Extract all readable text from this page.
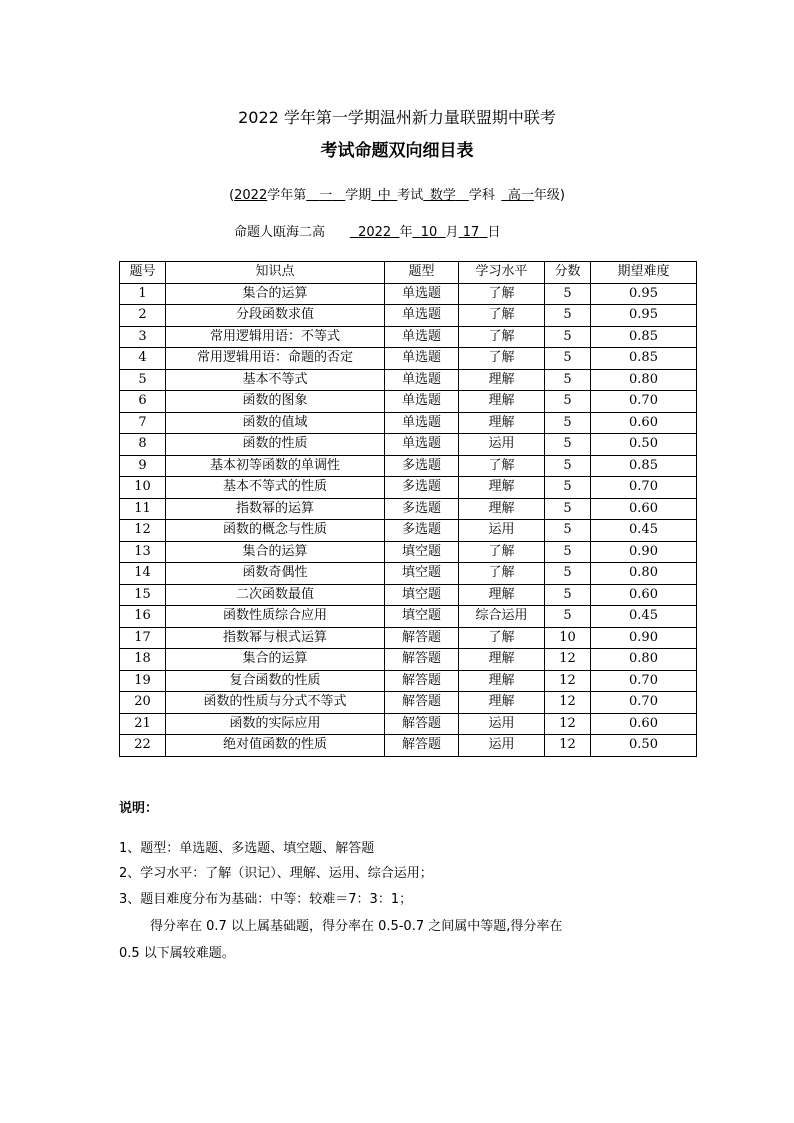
2022 学年第一学期温州新力量联盟期中联考
考试命题双向细目表
(2022学年第  一  学期  中  考试  数学  学科   高一年级)
命题人瓯海二高	2022 年 10 月 17 日
题号	知识点	题型	学习水平	分数	期望难度
1	集合的运算	单选题	了解	5	0.95
2	分段函数求值	单选题	了解	5	0.95
3	常用逻辑用语：不等式	单选题	了解	5	0.85
4	常用逻辑用语：命题的否定	单选题	了解	5	0.85
5	基本不等式	单选题	理解	5	0.80
6	函数的图象	单选题	理解	5	0.70
7	函数的值域	单选题	理解	5	0.60
8	函数的性质	单选题	运用	5	0.50
9	基本初等函数的单调性	多选题	了解	5	0.85
10	基本不等式的性质	多选题	理解	5	0.70
11	指数幂的运算	多选题	理解	5	0.60
12	函数的概念与性质	多选题	运用	5	0.45
13	集合的运算	填空题	了解	5	0.90
14	函数奇偶性	填空题	了解	5	0.80
15	二次函数最值	填空题	理解	5	0.60
16	函数性质综合应用	填空题	综合运用	5	0.45
17	指数幂与根式运算	解答题	了解	10	0.90
18	集合的运算	解答题	理解	12	0.80
19	复合函数的性质	解答题	理解	12	0.70
20	函数的性质与分式不等式	解答题	理解	12	0.70
21	函数的实际应用	解答题	运用	12	0.60
22	绝对值函数的性质	解答题	运用	12	0.50
说明：
1、题型：单选题、多选题、填空题、解答题
2、学习水平：了解（识记）、理解、运用、综合运用；
3、题目难度分布为基础：中等：较难＝7：3：1；
得分率在 0.7 以上属基础题，得分率在 0.5-0.7 之间属中等题,得分率在
0.5 以下属较难题。
